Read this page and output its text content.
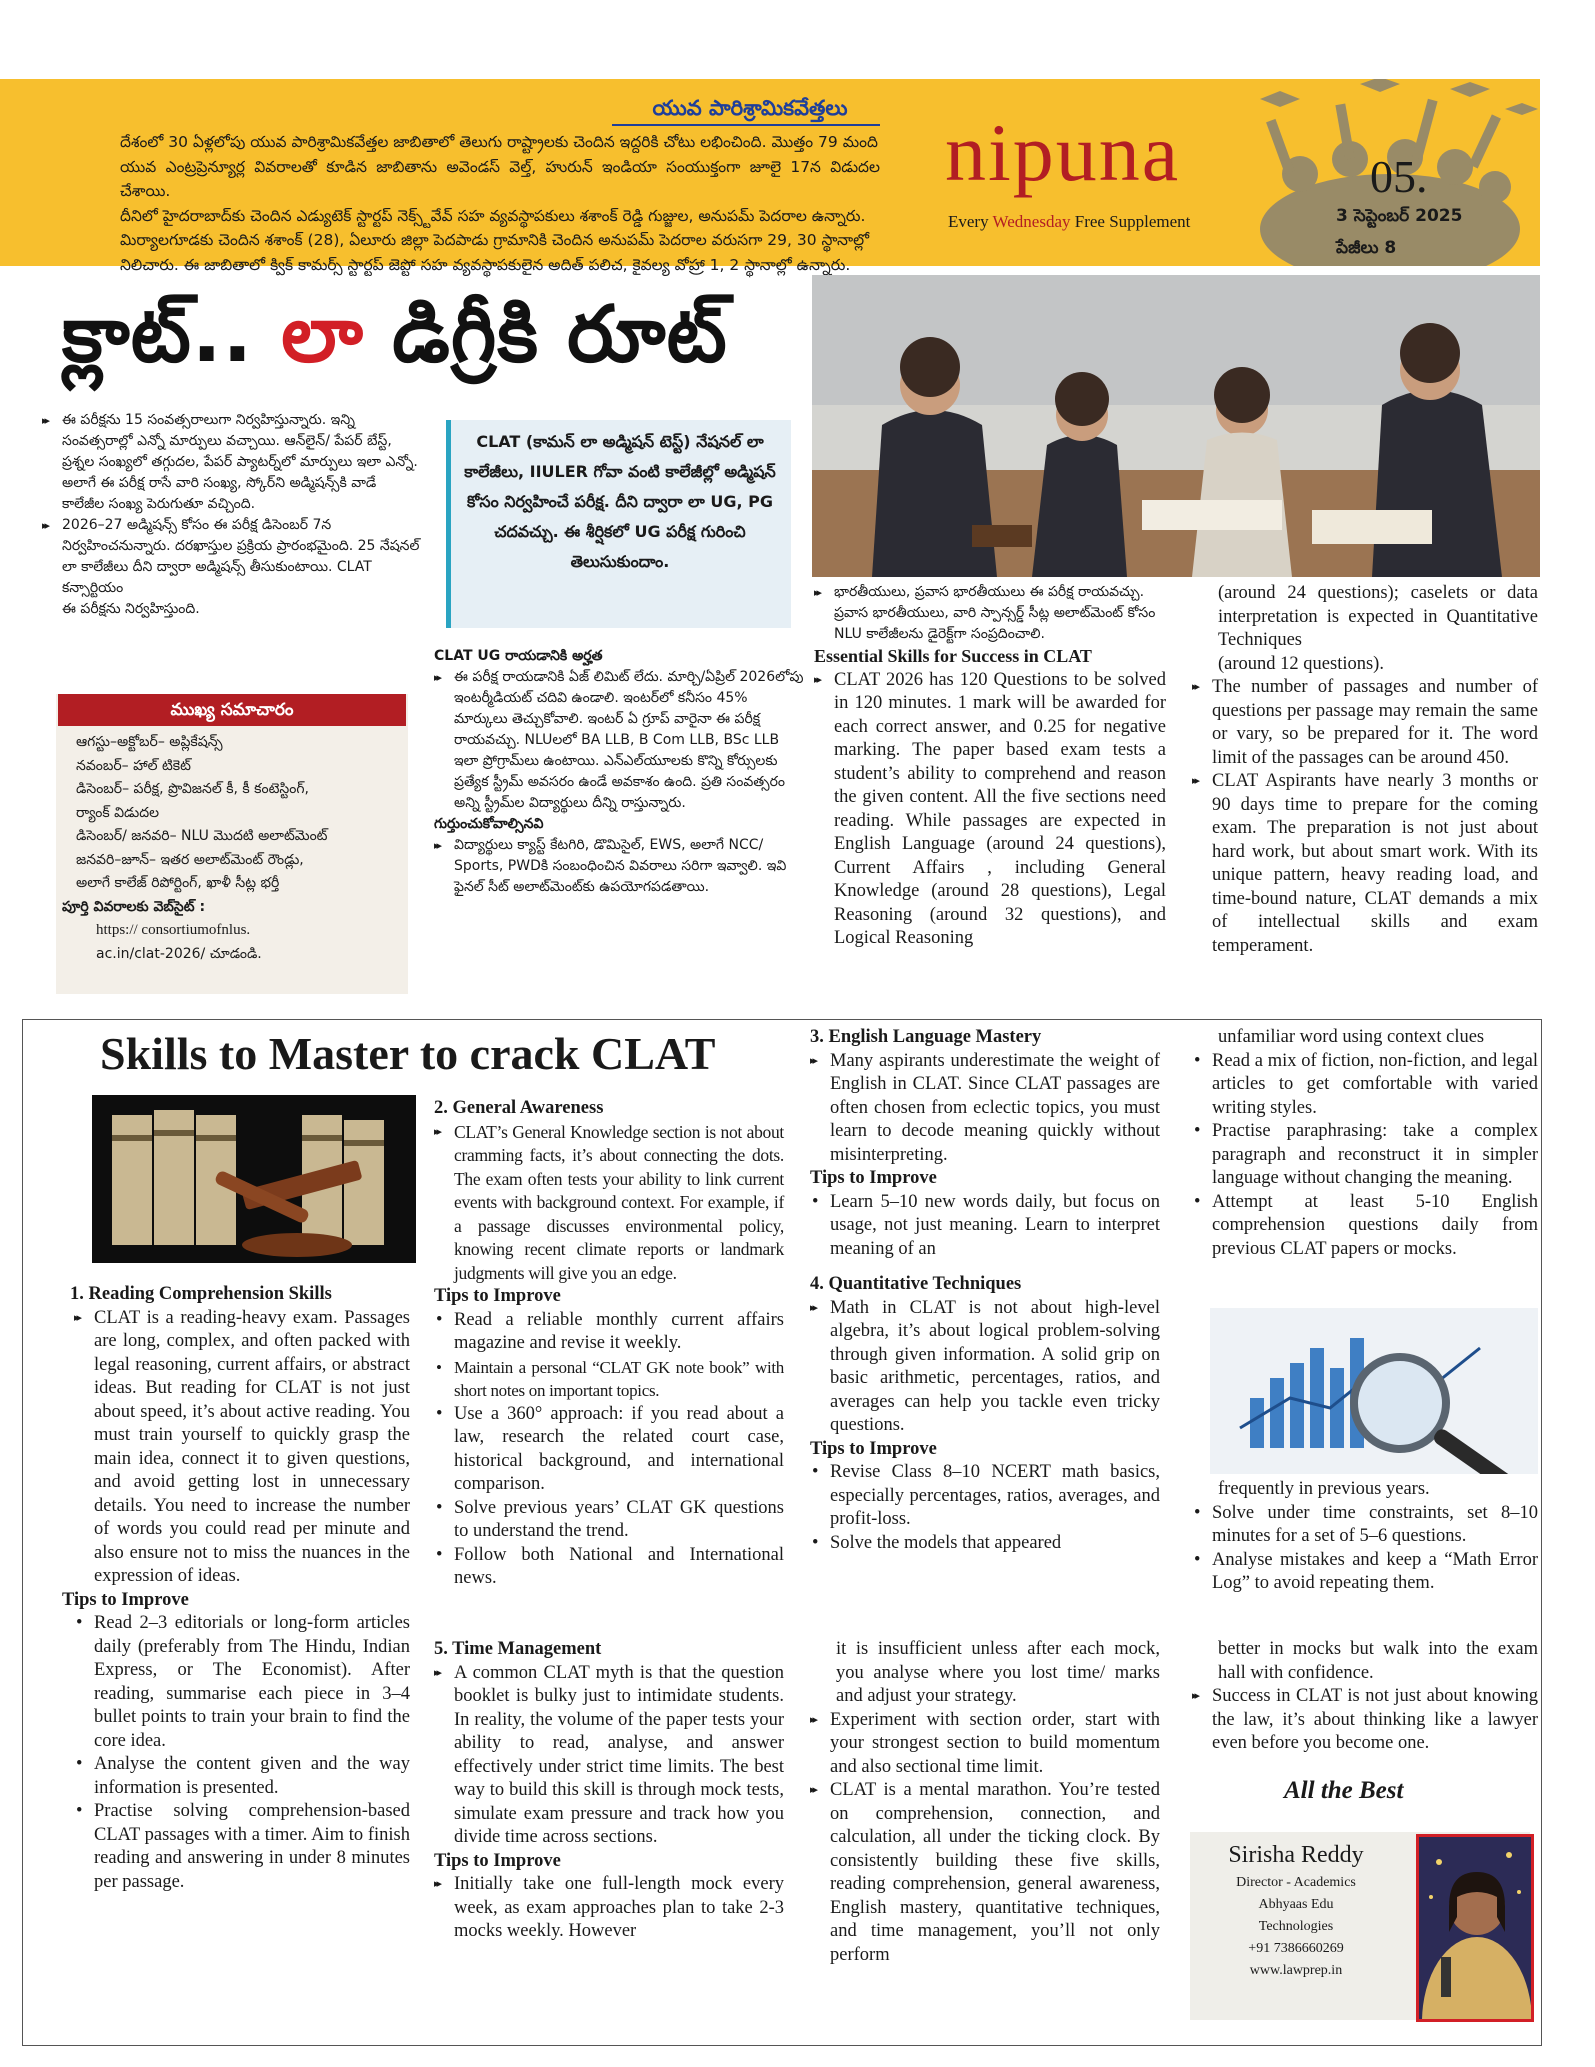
యువ పారిశ్రామికవేత్తలు
దేశంలో 30 ఏళ్లలోపు యువ పారిశ్రామికవేత్తల జాబితాలో తెలుగు రాష్ట్రాలకు చెందిన ఇద్దరికి చోటు లభించింది. మొత్తం 79 మంది
యువ ఎంట్రప్రెన్యూర్ల వివరాలతో కూడిన జాబితాను అవెండస్ వెల్త్, హురున్ ఇండియా సంయుక్తంగా జూలై 17న విడుదల చేశాయి.
దీనిలో హైదరాబాద్‌కు చెందిన ఎడ్యుటెక్ స్టార్టప్ నెక్స్ట్‌వేవ్ సహ వ్యవస్థాపకులు శశాంక్ రెడ్డి గుజ్జుల, అనుపమ్ పెదరాల ఉన్నారు.
మిర్యాలగూడకు చెందిన శశాంక్ (28), ఏలూరు జిల్లా పెదపాడు గ్రామానికి చెందిన అనుపమ్ పెదరాల వరుసగా 29, 30 స్థానాల్లో
నిలిచారు. ఈ జాబితాలో క్విక్ కామర్స్ స్టార్టప్ జెప్టో సహ వ్యవస్థాపకులైన అదిత్ పలిచ, కైవల్య వోహ్రా 1, 2 స్థానాల్లో ఉన్నారు.
nipuna
Every Wednesday Free Supplement
05.
3 సెప్టెంబర్ 2025
పేజీలు 8
క్లాట్.. లా డిగ్రీకి రూట్
▸▸ ఈ పరీక్షను 15 సంవత్సరాలుగా నిర్వహిస్తున్నారు. ఇన్ని సంవత్సరాల్లో ఎన్నో మార్పులు వచ్చాయి. ఆన్‌లైన్/ పేపర్ బేస్ట్, ప్రశ్నల సంఖ్యలో తగ్గుదల, పేపర్ ప్యాటర్న్‌లో మార్పులు ఇలా ఎన్నో. అలాగే ఈ పరీక్ష రాసే వారి సంఖ్య, స్కోర్‌ని అడ్మిషన్స్‌కి వాడే కాలేజీల సంఖ్య పెరుగుతూ వచ్చింది.
▸▸ 2026–27 అడ్మిషన్స్ కోసం ఈ పరీక్ష డిసెంబర్ 7న నిర్వహించనున్నారు. దరఖాస్తుల ప్రక్రియ ప్రారంభమైంది. 25 నేషనల్ లా కాలేజీలు దీని ద్వారా అడ్మిషన్స్ తీసుకుంటాయి. CLAT కన్సార్టియం
ఈ పరీక్షను నిర్వహిస్తుంది.
ముఖ్య సమాచారం
ఆగస్టు–అక్టోబర్– అప్లికేషన్స్
నవంబర్– హాల్ టికెట్
డిసెంబర్– పరీక్ష, ప్రొవిజనల్ కీ, కీ కంటెస్టింగ్,
ర్యాంక్ విడుదల
డిసెంబర్/ జనవరి– NLU మొదటి అలాట్‌మెంట్
జనవరి–జూన్– ఇతర అలాట్‌మెంట్ రౌండ్లు,
అలాగే కాలేజ్ రిపోర్టింగ్, ఖాళీ సీట్ల భర్తీ
పూర్తి వివరాలకు వెబ్‌సైట్ :
https:// consortiumofnlus.
ac.in/clat-2026/ చూడండి.
CLAT (కామన్ లా అడ్మిషన్ టెస్ట్) నేషనల్ లా కాలేజీలు, IIULER గోవా వంటి కాలేజీల్లో అడ్మిషన్ కోసం నిర్వహించే పరీక్ష. దీని ద్వారా లా UG, PG చదవచ్చు. ఈ శీర్షికలో UG పరీక్ష గురించి తెలుసుకుందాం.
CLAT UG రాయడానికి అర్హత
▸▸ ఈ పరీక్ష రాయడానికి ఏజ్ లిమిట్ లేదు. మార్చి/ఏప్రిల్ 2026లోపు ఇంటర్మీడియట్ చదివి ఉండాలి. ఇంటర్‌లో కనీసం 45% మార్కులు తెచ్చుకోవాలి. ఇంటర్ ఏ గ్రూప్ వారైనా ఈ పరీక్ష రాయవచ్చు. NLUలలో BA LLB, B Com LLB, BSc LLB ఇలా ప్రోగ్రామ్‌లు ఉంటాయి. ఎన్ఎల్‌యూలకు కొన్ని కోర్సులకు ప్రత్యేక స్ట్రీమ్ అవసరం ఉండే అవకాశం ఉంది. ప్రతి సంవత్సరం అన్ని స్ట్రీమ్‌ల విద్యార్థులు దీన్ని రాస్తున్నారు.
గుర్తుంచుకోవాల్సినవి
▸▸ విద్యార్థులు క్యాస్ట్ కేటగిరి, డొమిసైల్, EWS, అలాగే NCC/ Sports, PWDకి సంబంధించిన వివరాలు సరిగా ఇవ్వాలి. ఇవి ఫైనల్ సీట్ అలాట్‌మెంట్‌కు ఉపయోగపడతాయి.
▸▸ భారతీయులు, ప్రవాస భారతీయులు ఈ పరీక్ష రాయవచ్చు. ప్రవాస భారతీయులు, వారి స్పాన్సర్డ్ సీట్ల అలాట్‌మెంట్ కోసం NLU కాలేజీలను డైరెక్ట్‌గా సంప్రదించాలి.
Essential Skills for Success in CLAT
▸▸ CLAT 2026 has 120 Questions to be solved in 120 minutes. 1 mark will be awarded for each correct answer, and 0.25 for negative marking. The paper based exam tests a student’s ability to comprehend and reason the given content. All the five sections need reading. While passages are expected in English Language (around 24 questions), Current Affairs , including General Knowledge (around 28 questions), Legal Reasoning (around 32 questions), and Logical Reasoning
(around 24 questions); caselets or data interpretation is expected in Quantitative Techniques
(around 12 questions).
▸▸ The number of passages and number of questions per passage may remain the same or vary, so be prepared for it. The word limit of the passages can be around 450.
▸▸ CLAT Aspirants have nearly 3 months or 90 days time to prepare for the coming exam. The preparation is not just about hard work, but about smart work. With its unique pattern, heavy reading load, and time-bound nature, CLAT demands a mix of intellectual skills and exam temperament.
Skills to Master to crack CLAT
1. Reading Comprehension Skills
▸▸ CLAT is a reading-heavy exam. Passages are long, complex, and often packed with legal reasoning, current affairs, or abstract ideas. But reading for CLAT is not just about speed, it’s about active reading. You must train yourself to quickly grasp the main idea, connect it to given questions, and avoid getting lost in unnecessary details. You need to increase the number of words you could read per minute and also ensure not to miss the nuances in the expression of ideas.
Tips to Improve
• Read 2–3 editorials or long-form articles daily (preferably from The Hindu, Indian Express, or The Economist). After reading, summarise each piece in 3–4 bullet points to train your brain to find the core idea.
• Analyse the content given and the way information is presented.
• Practise solving comprehension-based CLAT passages with a timer. Aim to finish reading and answering in under 8 minutes per passage.
2. General Awareness
▸▸ CLAT’s General Knowledge section is not about cramming facts, it’s about connecting the dots. The exam often tests your ability to link current events with background context. For example, if a passage discusses environmental policy, knowing recent climate reports or landmark judgments will give you an edge.
Tips to Improve
• Read a reliable monthly current affairs magazine and revise it weekly.
• Maintain a personal “CLAT GK note book” with short notes on important topics.
• Use a 360° approach: if you read about a law, research the related court case, historical background, and international comparison.
• Solve previous years’ CLAT GK questions to understand the trend.
• Follow both National and International news.
3. English Language Mastery
▸▸ Many aspirants underestimate the weight of English in CLAT. Since CLAT passages are often chosen from eclectic topics, you must learn to decode meaning quickly without misinterpreting.
Tips to Improve
• Learn 5–10 new words daily, but focus on usage, not just meaning. Learn to interpret meaning of an
4. Quantitative Techniques
▸▸ Math in CLAT is not about high-level algebra, it’s about logical problem-solving through given information. A solid grip on basic arithmetic, percentages, ratios, and averages can help you tackle even tricky questions.
Tips to Improve
• Revise Class 8–10 NCERT math basics, especially percentages, ratios, averages, and profit-loss.
• Solve the models that appeared
unfamiliar word using context clues
• Read a mix of fiction, non-fiction, and legal articles to get comfortable with varied writing styles.
• Practise paraphrasing: take a complex paragraph and reconstruct it in simpler language without changing the meaning.
• Attempt at least 5-10 English comprehension questions daily from previous CLAT papers or mocks.
frequently in previous years.
• Solve under time constraints, set 8–10 minutes for a set of 5–6 questions.
• Analyse mistakes and keep a “Math Error Log” to avoid repeating them.
5. Time Management
▸▸ A common CLAT myth is that the question booklet is bulky just to intimidate students. In reality, the volume of the paper tests your ability to read, analyse, and answer effectively under strict time limits. The best way to build this skill is through mock tests, simulate exam pressure and track how you divide time across sections.
Tips to Improve
▸▸ Initially take one full-length mock every week, as exam approaches plan to take 2-3 mocks weekly. However
it is insufficient unless after each mock, you analyse where you lost time/ marks and adjust your strategy.
▸▸ Experiment with section order, start with your strongest section to build momentum and also sectional time limit.
▸▸ CLAT is a mental marathon. You’re tested on comprehension, connection, and calculation, all under the ticking clock. By consistently building these five skills, reading comprehension, general awareness, English mastery, quantitative techniques, and time management, you’ll not only perform
better in mocks but walk into the exam hall with confidence.
▸▸ Success in CLAT is not just about knowing the law, it’s about thinking like a lawyer even before you become one.
All the Best
Sirisha Reddy
Director - Academics
Abhyaas Edu
Technologies
+91 7386660269
www.lawprep.in
